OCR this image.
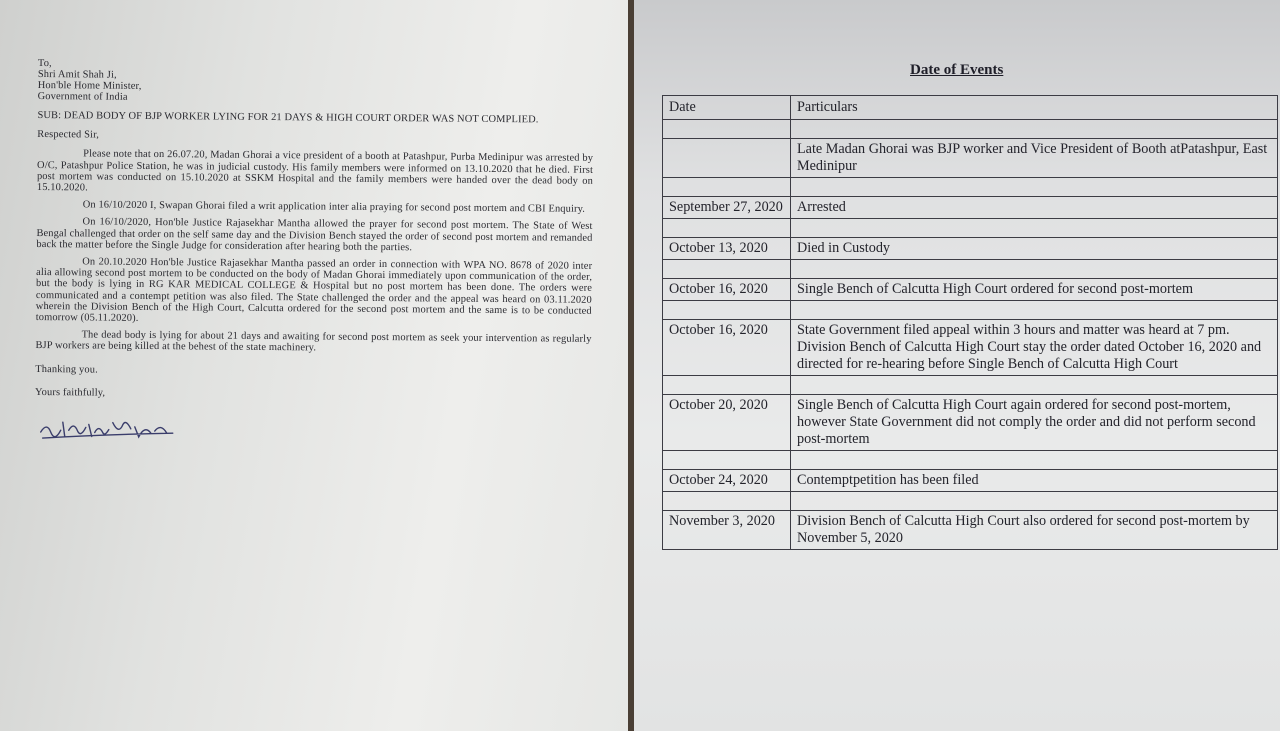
To,
Shri Amit Shah Ji,
Hon'ble Home Minister,
Government of India

SUB: DEAD BODY OF BJP WORKER LYING FOR 21 DAYS & HIGH COURT ORDER WAS NOT COMPLIED.

Respected Sir,

Please note that on 26.07.20, Madan Ghorai a vice president of a booth at Patashpur, Purba Medinipur was arrested by O/C, Patashpur Police Station, he was in judicial custody. His family members were informed on 13.10.2020 that he died. First post mortem was conducted on 15.10.2020 at SSKM Hospital and the family members were handed over the dead body on 15.10.2020.

On 16/10/2020 I, Swapan Ghorai filed a writ application inter alia praying for second post mortem and CBI Enquiry.

On 16/10/2020, Hon'ble Justice Rajasekhar Mantha allowed the prayer for second post mortem. The State of West Bengal challenged that order on the self same day and the Division Bench stayed the order of second post mortem and remanded back the matter before the Single Judge for consideration after hearing both the parties.

On 20.10.2020 Hon'ble Justice Rajasekhar Mantha passed an order in connection with WPA NO. 8678 of 2020 inter alia allowing second post mortem to be conducted on the body of Madan Ghorai immediately upon communication of the order, but the body is lying in RG KAR MEDICAL COLLEGE & Hospital but no post mortem has been done. The orders were communicated and a contempt petition was also filed. The State challenged the order and the appeal was heard on 03.11.2020 wherein the Division Bench of the High Court, Calcutta ordered for the second post mortem and the same is to be conducted tomorrow (05.11.2020).

The dead body is lying for about 21 days and awaiting for second post mortem as seek your intervention as regularly BJP workers are being killed at the behest of the state machinery.

Thanking you.

Yours faithfully,

Date of Events
Date	Particulars

	Late Madan Ghorai was BJP worker and Vice President of Booth atPatashpur, East Medinipur

September 27, 2020	Arrested

October 13, 2020	Died in Custody

October 16, 2020	Single Bench of Calcutta High Court ordered for second post-mortem

October 16, 2020	State Government filed appeal within 3 hours and matter was heard at 7 pm. Division Bench of Calcutta High Court stay the order dated October 16, 2020 and directed for re-hearing before Single Bench of Calcutta High Court

October 20, 2020	Single Bench of Calcutta High Court again ordered for second post-mortem, however State Government did not comply the order and did not perform second post-mortem

October 24, 2020	Contemptpetition has been filed

November 3, 2020	Division Bench of Calcutta High Court also ordered for second post-mortem by November 5, 2020
